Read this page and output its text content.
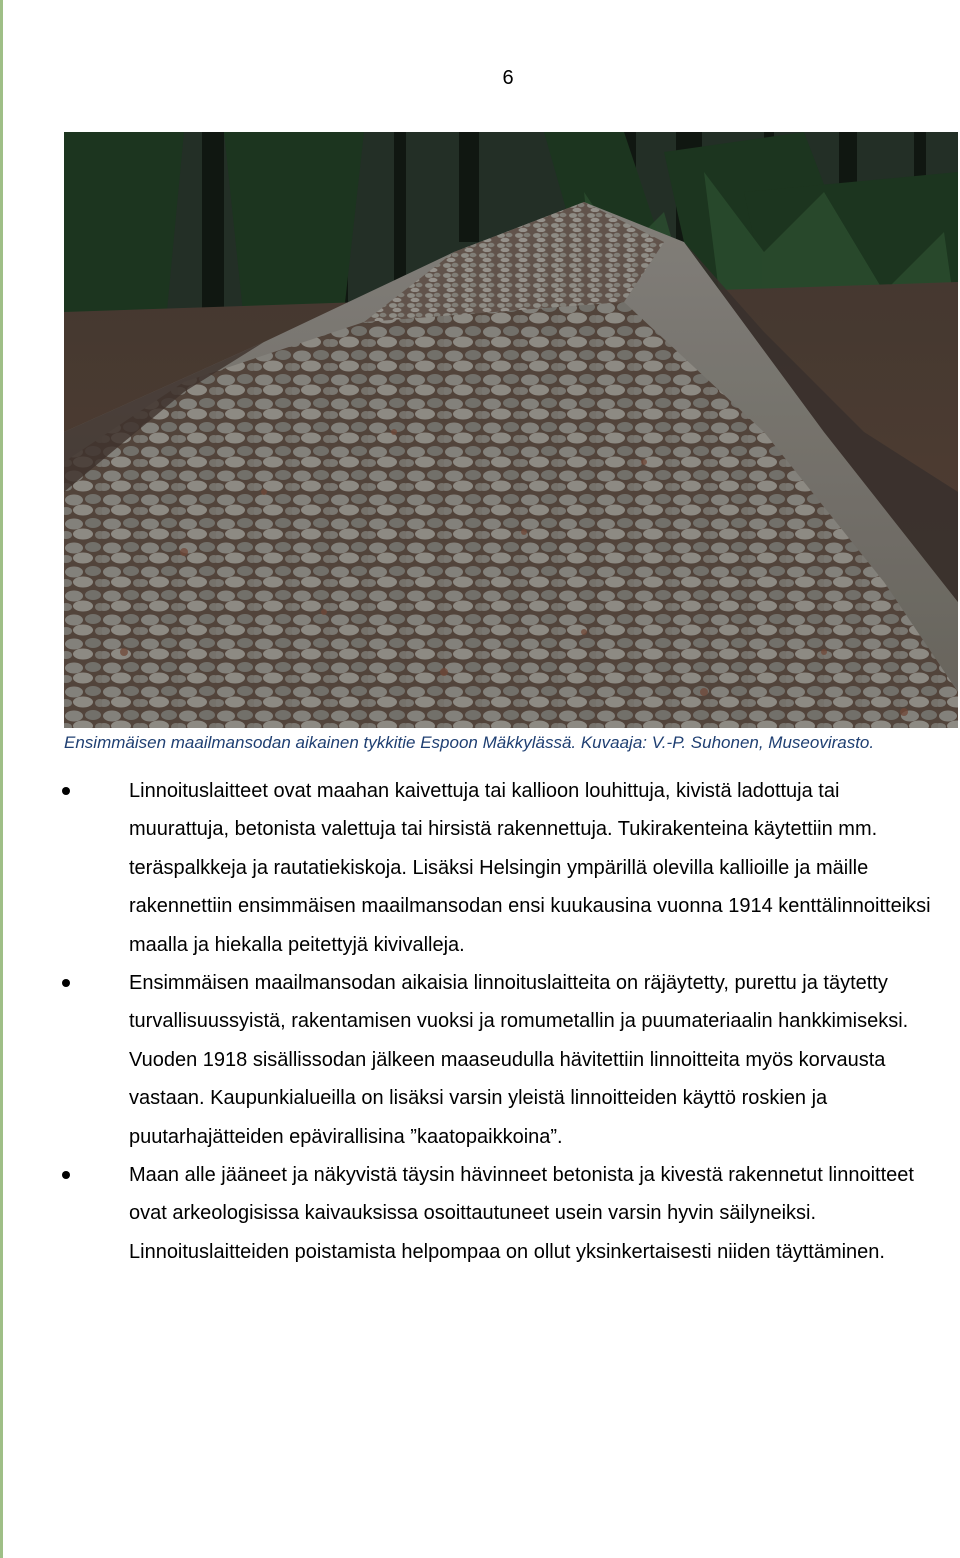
6
Ensimmäisen maailmansodan aikainen tykkitie Espoon Mäkkylässä. Kuvaaja: V.-P. Suhonen, Museovirasto.
Linnoituslaitteet ovat maahan kaivettuja tai kallioon louhittuja, kivistä ladottuja tai muurattuja, betonista valettuja tai hirsistä rakennettuja. Tukirakenteina käytettiin mm. teräspalkkeja ja rautatiekiskoja. Lisäksi Helsingin ympärillä olevilla kallioille ja mäille rakennettiin ensimmäisen maailmansodan ensi kuukausina vuonna 1914 kenttälinnoitteiksi maalla ja hiekalla peitettyjä kivivalleja.
Ensimmäisen maailmansodan aikaisia linnoituslaitteita on räjäytetty, purettu ja täytetty turvallisuussyistä, rakentamisen vuoksi ja romumetallin ja puumateriaalin hankkimiseksi. Vuoden 1918 sisällissodan jälkeen maaseudulla hävitettiin linnoitteita myös korvausta vastaan. Kaupunkialueilla on lisäksi varsin yleistä linnoitteiden käyttö roskien ja puutarhajätteiden epävirallisina ”kaatopaikkoina”.
Maan alle jääneet ja näkyvistä täysin hävinneet betonista ja kivestä rakennetut linnoitteet ovat arkeologisissa kaivauksissa osoittautuneet usein varsin hyvin säilyneiksi. Linnoituslaitteiden poistamista helpompaa on ollut yksinkertaisesti niiden täyttäminen.
